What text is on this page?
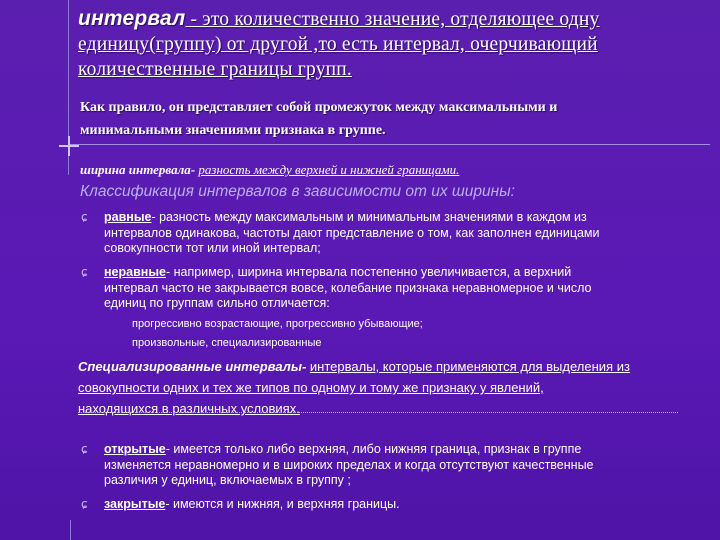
интервал - это количественно значение, отделяющее одну
единицу(группу) от другой ,то есть интервал, очерчивающий
количественные границы групп.
Как правило, он представляет собой промежуток между максимальными и
минимальными значениями признака в группе.
ширина интервала- разность между верхней и нижней границами.
Классификация интервалов в зависимости от их ширины:
ɕ равные- разность между максимальным и минимальным значениями в каждом из
интервалов одинакова, частоты дают представление о том, как заполнен единицами
совокупности тот или иной интервал;
ɕ неравные- например, ширина интервала постепенно увеличивается, а верхний
интервал часто не закрывается вовсе, колебание признака неравномерное и число
единиц по группам сильно отличается:
прогрессивно возрастающие, прогрессивно убывающие;
произвольные, специализированные
Специализированные интервалы- интервалы, которые применяются для выделения из
совокупности одних и тех же типов по одному и тому же признаку у явлений,
находящихся в различных условиях.
ɕ открытые- имеется только либо верхняя, либо нижняя граница, признак в группе
изменяется неравномерно и в широких пределах и когда отсутствуют качественные
различия у единиц, включаемых в группу ;
ɕ закрытые- имеются и нижняя, и верхняя границы.
